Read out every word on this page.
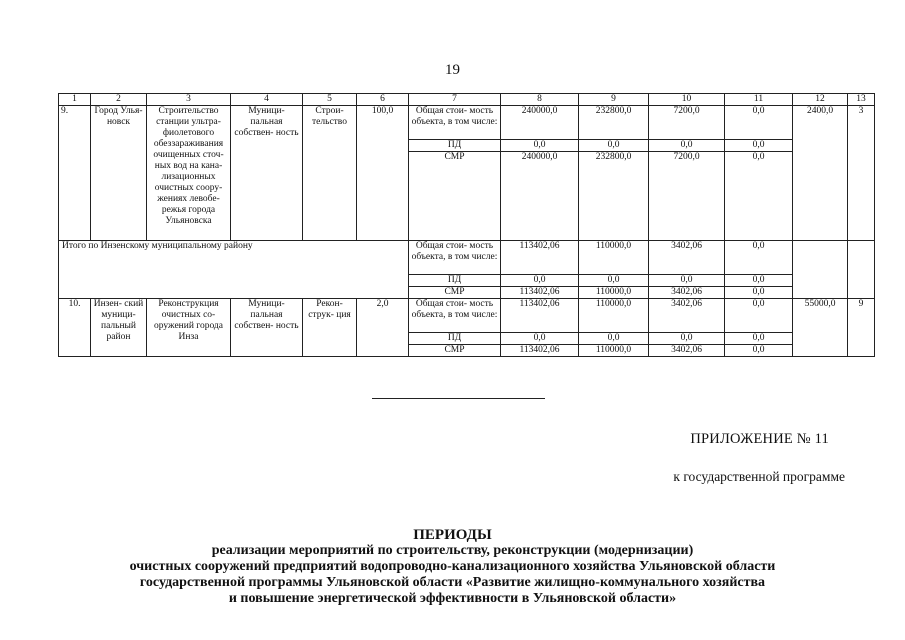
19
1	2	3	4	5	6	7	8	9	10	11	12	13
9.	Город Улья- новск	Строительство станции ультра- фиолетового обеззараживания очищенных сточ- ных вод на кана- лизационных очистных соору- жениях левобе- режья города Ульяновска	Муници- пальная собствен- ность	Строи- тельство	100,0	Общая стои- мость объекта, в том числе:	240000,0	232800,0	7200,0	0,0	2400,0	3
						ПД	0,0	0,0	0,0	0,0		
						СМР	240000,0	232800,0	7200,0	0,0		
Итого по Инзенскому муниципальному району						Общая стои- мость объекта, в том числе:	113402,06	110000,0	3402,06	0,0		
						ПД	0,0	0,0	0,0	0,0		
						СМР	113402,06	110000,0	3402,06	0,0		
10.	Инзен- ский муници- пальный район	Реконструкция очистных со- оружений города Инза	Муници- пальная собствен- ность	Рекон- струк- ция	2,0	Общая стои- мость объекта, в том числе:	113402,06	110000,0	3402,06	0,0	55000,0	9
						ПД	0,0	0,0	0,0	0,0		
						СМР	113402,06	110000,0	3402,06	0,0		
ПРИЛОЖЕНИЕ № 11
к государственной программе
ПЕРИОДЫ
реализации мероприятий по строительству, реконструкции (модернизации)
очистных сооружений предприятий водопроводно-канализационного хозяйства Ульяновской области
государственной программы Ульяновской области «Развитие жилищно-коммунального хозяйства
и повышение энергетической эффективности в Ульяновской области»
